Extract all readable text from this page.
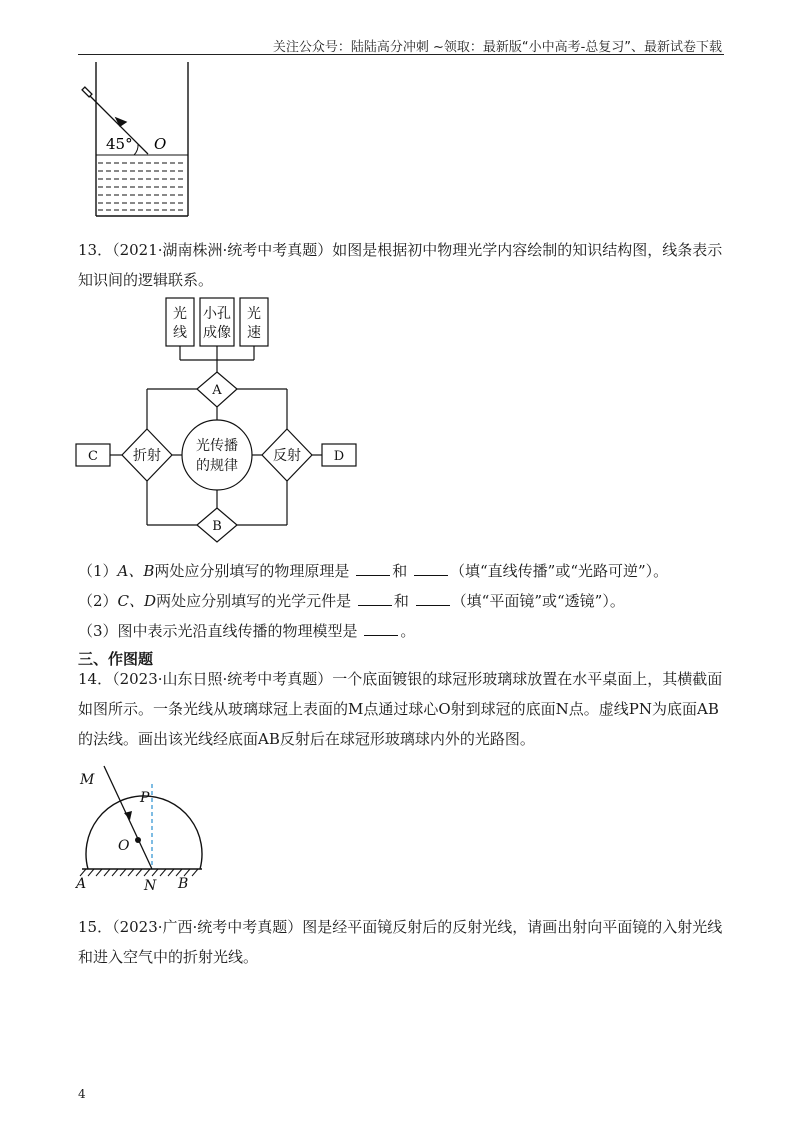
关注公众号：陆陆高分冲刺 ~领取：最新版“小中高考-总复习”、最新试卷下载
45° O
13．（2021·湖南株洲·统考中考真题）如图是根据初中物理光学内容绘制的知识结构图，线条表示知识间的逻辑联系。
光
线
小孔
成像
光
速
A
B
折射	反射
C	D
光传播
的规律
（1）A、B两处应分别填写的物理原理是	和	（填“直线传播”或“光路可逆”）。
（2）C、D两处应分别填写的光学元件是	和	（填“平面镜”或“透镜”）。
（3）图中表示光沿直线传播的物理模型是	。
三、作图题
14．（2023·山东日照·统考中考真题）一个底面镀银的球冠形玻璃球放置在水平桌面上，其横截面如图所示。一条光线从玻璃球冠上表面的M点通过球心O射到球冠的底面N点。虚线PN为底面AB的法线。画出该光线经底面AB反射后在球冠形玻璃球内外的光路图。
M
P
O
A	N B
15．（2023·广西·统考中考真题）图是经平面镜反射后的反射光线，请画出射向平面镜的入射光线和进入空气中的折射光线。
4
